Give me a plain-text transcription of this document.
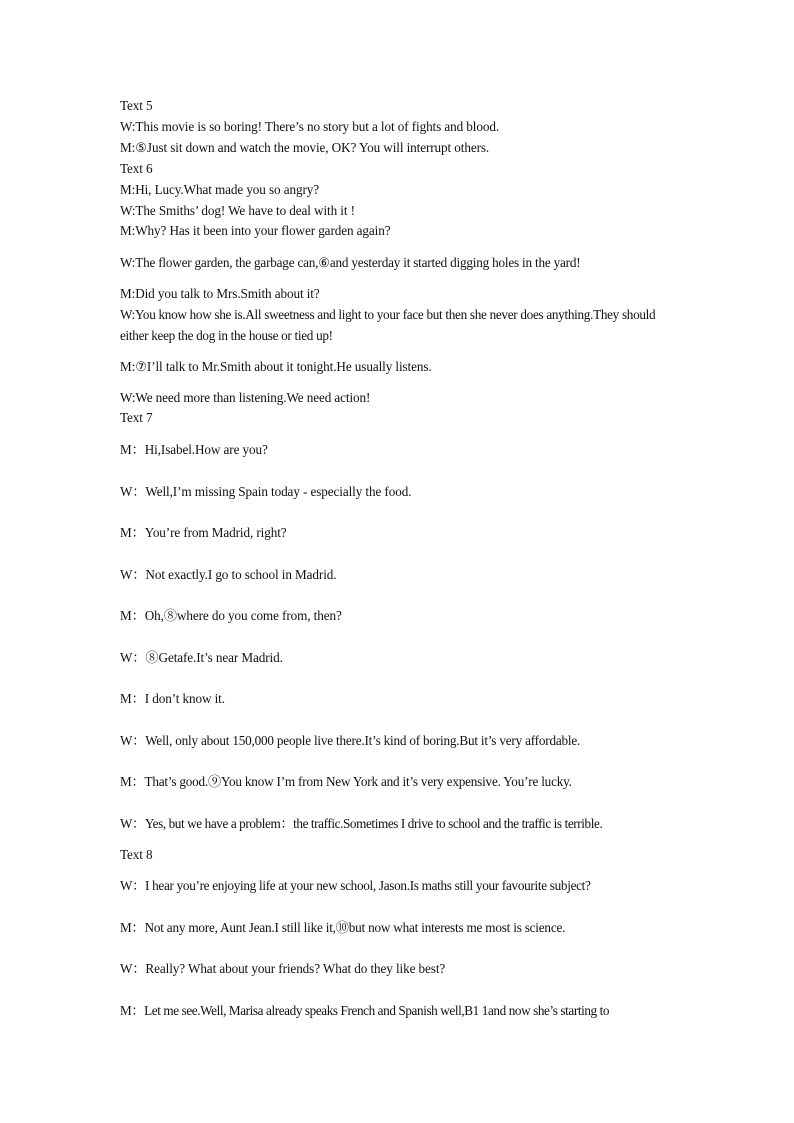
Text 5
W:This movie is so boring! There’s no story but a lot of fights and blood.
M:⑤Just sit down and watch the movie, OK? You will interrupt others.
Text 6
M:Hi, Lucy.What made you so angry?
W:The Smiths’ dog! We have to deal with it !
M:Why? Has it been into your flower garden again?
W:The flower garden, the garbage can,⑥and yesterday it started digging holes in the yard!
M:Did you talk to Mrs.Smith about it?
W:You know how she is.All sweetness and light to your face but then she never does anything.They should either keep the dog in the house or tied up!
M:⑦I’ll talk to Mr.Smith about it tonight.He usually listens.
W:We need more than listening.We need action!
Text 7
M：Hi,Isabel.How are you?
W：Well,I’m missing Spain today - especially the food.
M：You’re from Madrid, right?
W：Not exactly.I go to school in Madrid.
M：Oh,⑧where do you come from, then?
W：⑧Getafe.It’s near Madrid.
M：I don’t know it.
W：Well, only about 150,000 people live there.It’s kind of boring.But it’s very affordable.
M：That’s good.⑨You know I’m from New York and it’s very expensive. You’re lucky.
W：Yes, but we have a problem：the traffic.Sometimes I drive to school and the traffic is terrible.
Text 8
W：I hear you’re enjoying life at your new school, Jason.Is maths still your favourite subject?
M：Not any more, Aunt Jean.I still like it,⑩but now what interests me most is science.
W：Really? What about your friends? What do they like best?
M：Let me see.Well, Marisa already speaks French and Spanish well,B1 1and now she’s starting to
